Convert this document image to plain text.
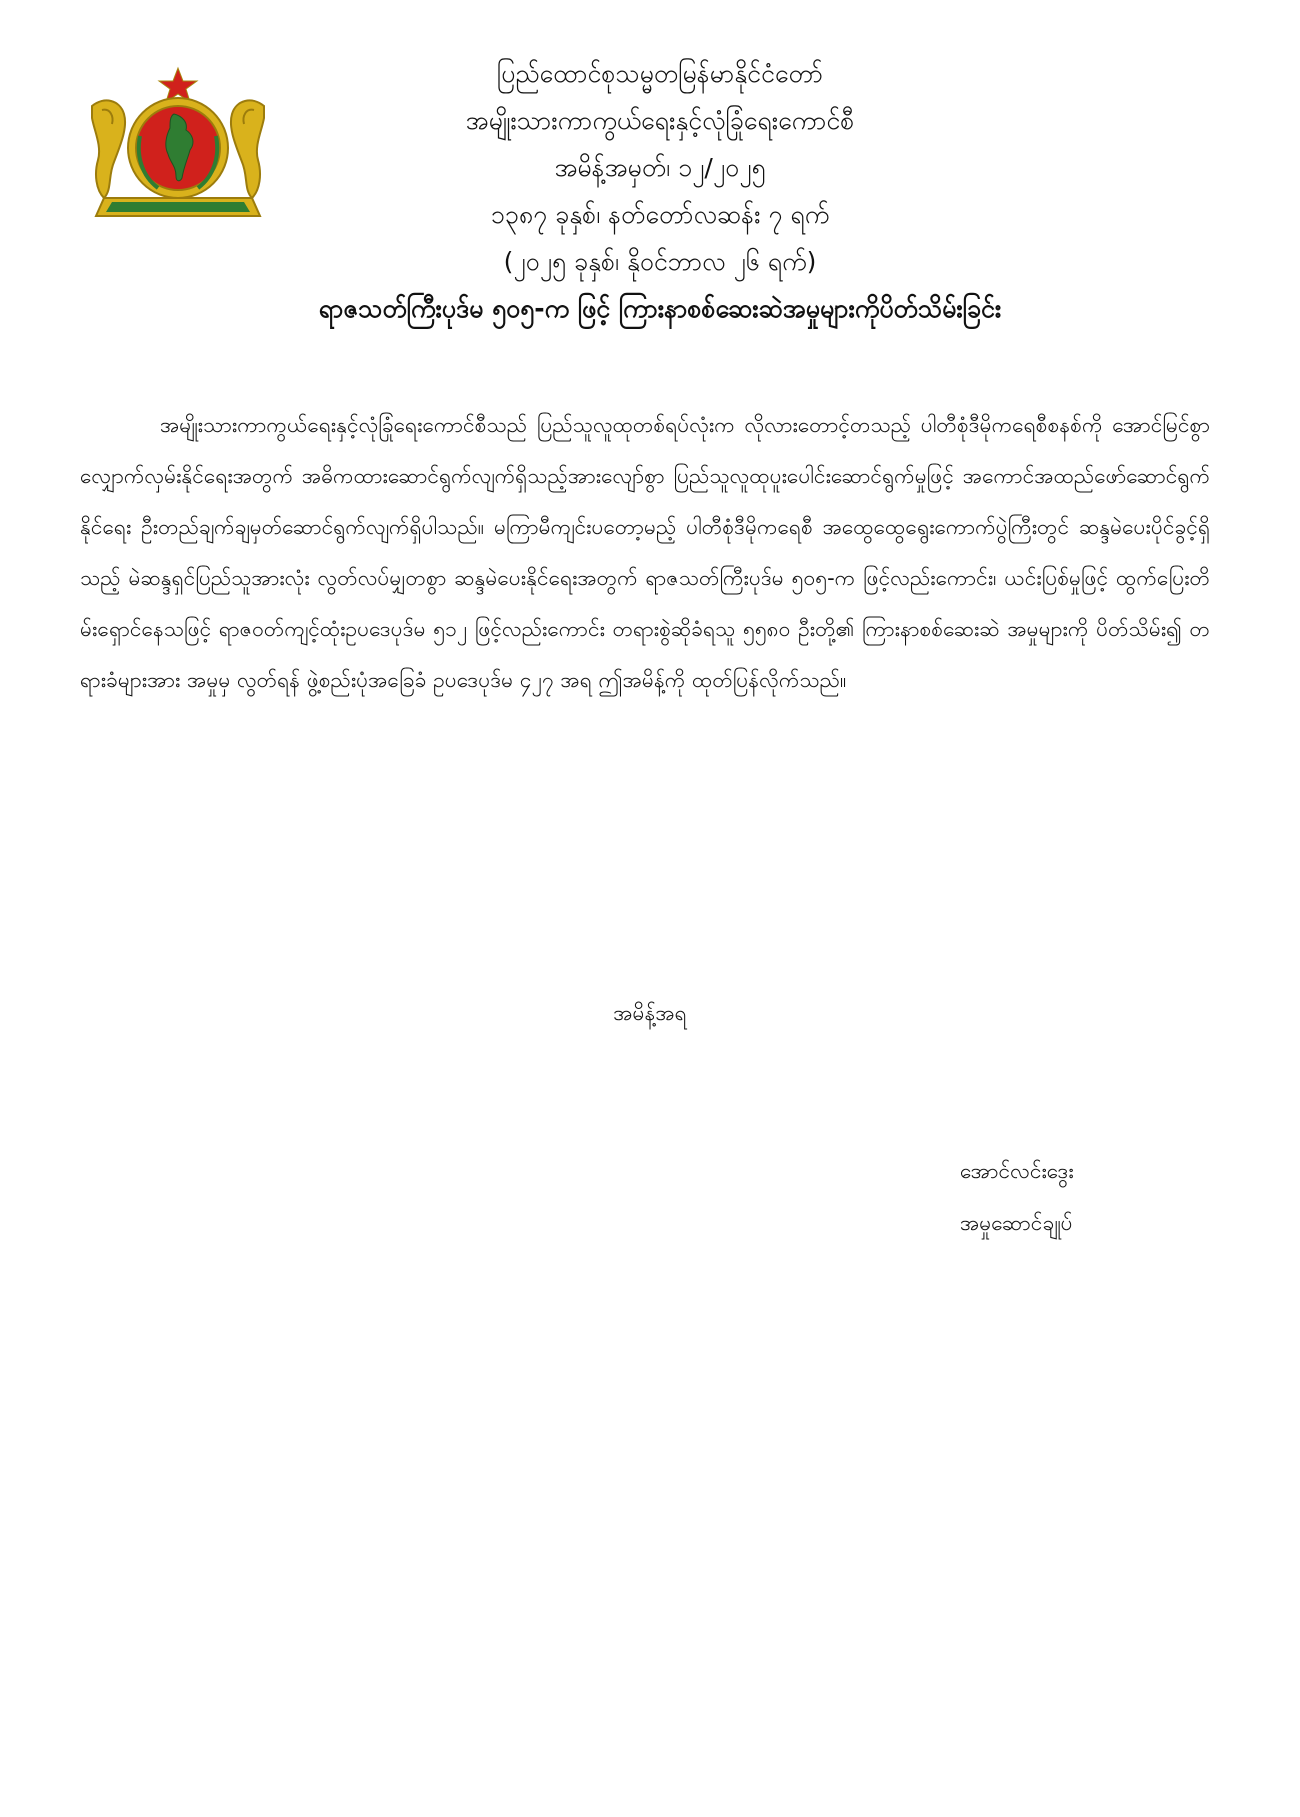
ပြည်ထောင်စုသမ္မတမြန်မာနိုင်ငံတော်
အမျိုးသားကာကွယ်ရေးနှင့်လုံခြုံရေးကောင်စီ
အမိန့်အမှတ်၊ ၁၂/၂၀၂၅
၁၃၈၇ ခုနှစ်၊ နတ်တော်လဆန်း ၇ ရက်
(၂၀၂၅ ခုနှစ်၊ နိုဝင်ဘာလ ၂၆ ရက်)
ရာဇသတ်ကြီးပုဒ်မ ၅၀၅-က ဖြင့် ကြားနာစစ်ဆေးဆဲအမှုများကိုပိတ်သိမ်းခြင်း
အမျိုးသားကာကွယ်ရေးနှင့်လုံခြုံရေးကောင်စီသည် ပြည်သူလူထုတစ်ရပ်လုံးက လိုလားတောင့်တသည့် ပါတီစုံဒီမိုကရေစီစနစ်ကို အောင်မြင်စွာ လျှောက်လှမ်းနိုင်ရေးအတွက် အဓိကထားဆောင်ရွက်လျက်ရှိသည့်အားလျော်စွာ ပြည်သူလူထုပူးပေါင်းဆောင်ရွက်မှုဖြင့် အကောင်အထည်ဖော်ဆောင်ရွက်နိုင်ရေး ဦးတည်ချက်ချမှတ်ဆောင်ရွက်လျက်ရှိပါသည်။ မကြာမီကျင်းပတော့မည့် ပါတီစုံဒီမိုကရေစီ အထွေထွေရွေးကောက်ပွဲကြီးတွင် ဆန္ဒမဲပေးပိုင်ခွင့်ရှိသည့် မဲဆန္ဒရှင်ပြည်သူအားလုံး လွတ်လပ်မျှတစွာ ဆန္ဒမဲပေးနိုင်ရေးအတွက် ရာဇသတ်ကြီးပုဒ်မ ၅၀၅-က ဖြင့်လည်းကောင်း၊ ယင်းပြစ်မှုဖြင့် ထွက်ပြေးတိမ်းရှောင်နေသဖြင့် ရာဇဝတ်ကျင့်ထုံးဥပဒေပုဒ်မ ၅၁၂ ဖြင့်လည်းကောင်း တရားစွဲဆိုခံရသူ ၅၅၈၀ ဦးတို့၏ ကြားနာစစ်ဆေးဆဲ အမှုများကို ပိတ်သိမ်း၍ တရားခံများအား အမှုမှ လွတ်ရန် ဖွဲ့စည်းပုံအခြေခံ ဥပဒေပုဒ်မ ၄၂၇ အရ ဤအမိန့်ကို ထုတ်ပြန်လိုက်သည်။
အမိန့်အရ
အောင်လင်းဒွေး
အမှုဆောင်ချုပ်
